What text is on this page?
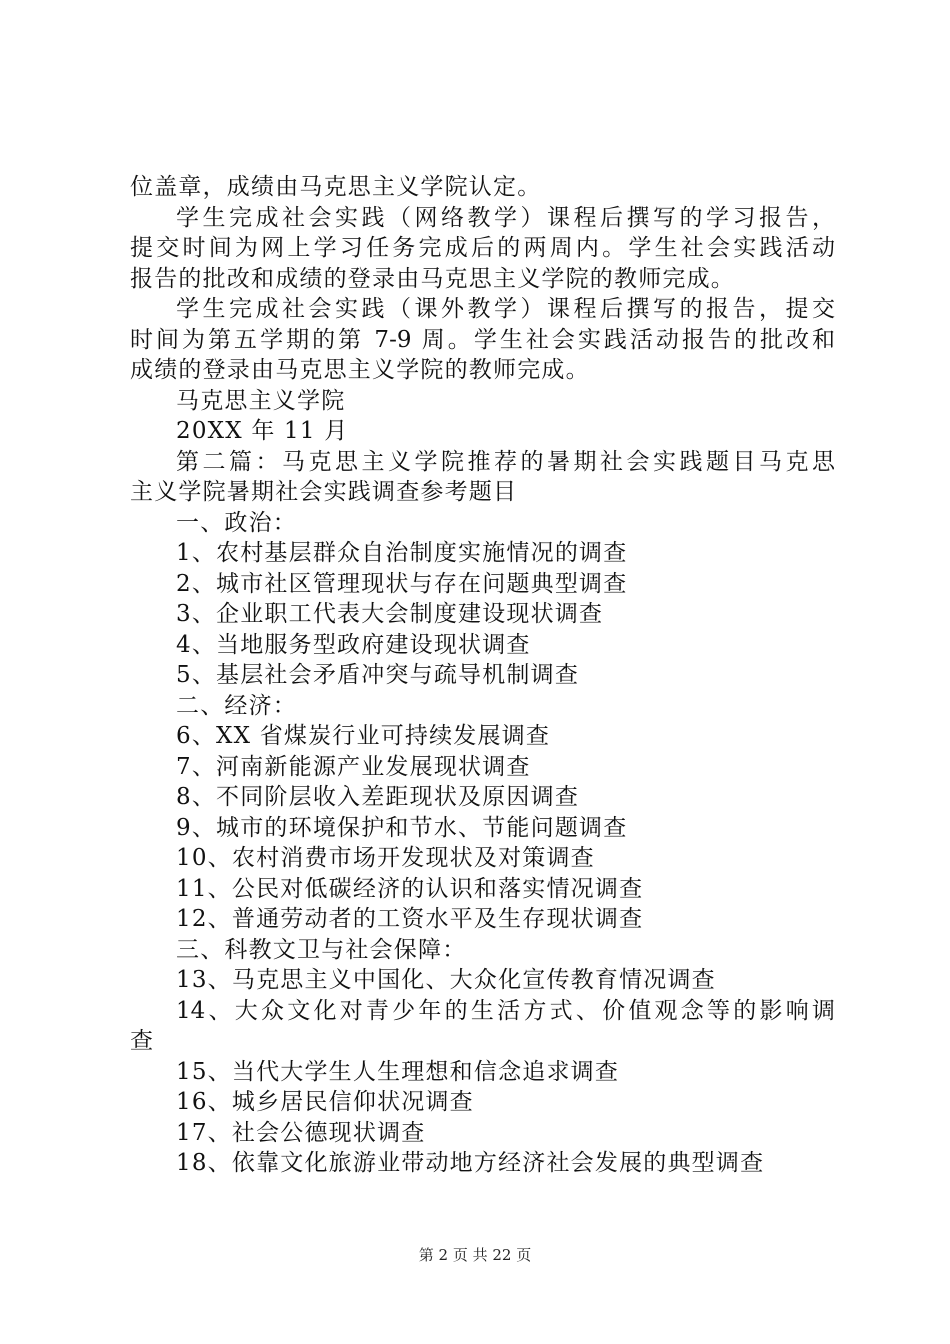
位盖章，成绩由马克思主义学院认定。
学生完成社会实践（网络教学）课程后撰写的学习报告，
提交时间为网上学习任务完成后的两周内。学生社会实践活动
报告的批改和成绩的登录由马克思主义学院的教师完成。
学生完成社会实践（课外教学）课程后撰写的报告，提交
时间为第五学期的第 7-9 周。学生社会实践活动报告的批改和
成绩的登录由马克思主义学院的教师完成。
马克思主义学院
20XX 年 11 月
第二篇：马克思主义学院推荐的暑期社会实践题目马克思
主义学院暑期社会实践调查参考题目
一、政治：
1、农村基层群众自治制度实施情况的调查
2、城市社区管理现状与存在问题典型调查
3、企业职工代表大会制度建设现状调查
4、当地服务型政府建设现状调查
5、基层社会矛盾冲突与疏导机制调查
二、经济：
6、XX 省煤炭行业可持续发展调查
7、河南新能源产业发展现状调查
8、不同阶层收入差距现状及原因调查
9、城市的环境保护和节水、节能问题调查
10、农村消费市场开发现状及对策调查
11、公民对低碳经济的认识和落实情况调查
12、普通劳动者的工资水平及生存现状调查
三、科教文卫与社会保障：
13、马克思主义中国化、大众化宣传教育情况调查
14、大众文化对青少年的生活方式、价值观念等的影响调
查
15、当代大学生人生理想和信念追求调查
16、城乡居民信仰状况调查
17、社会公德现状调查
18、依靠文化旅游业带动地方经济社会发展的典型调查
第 2 页 共 22 页
